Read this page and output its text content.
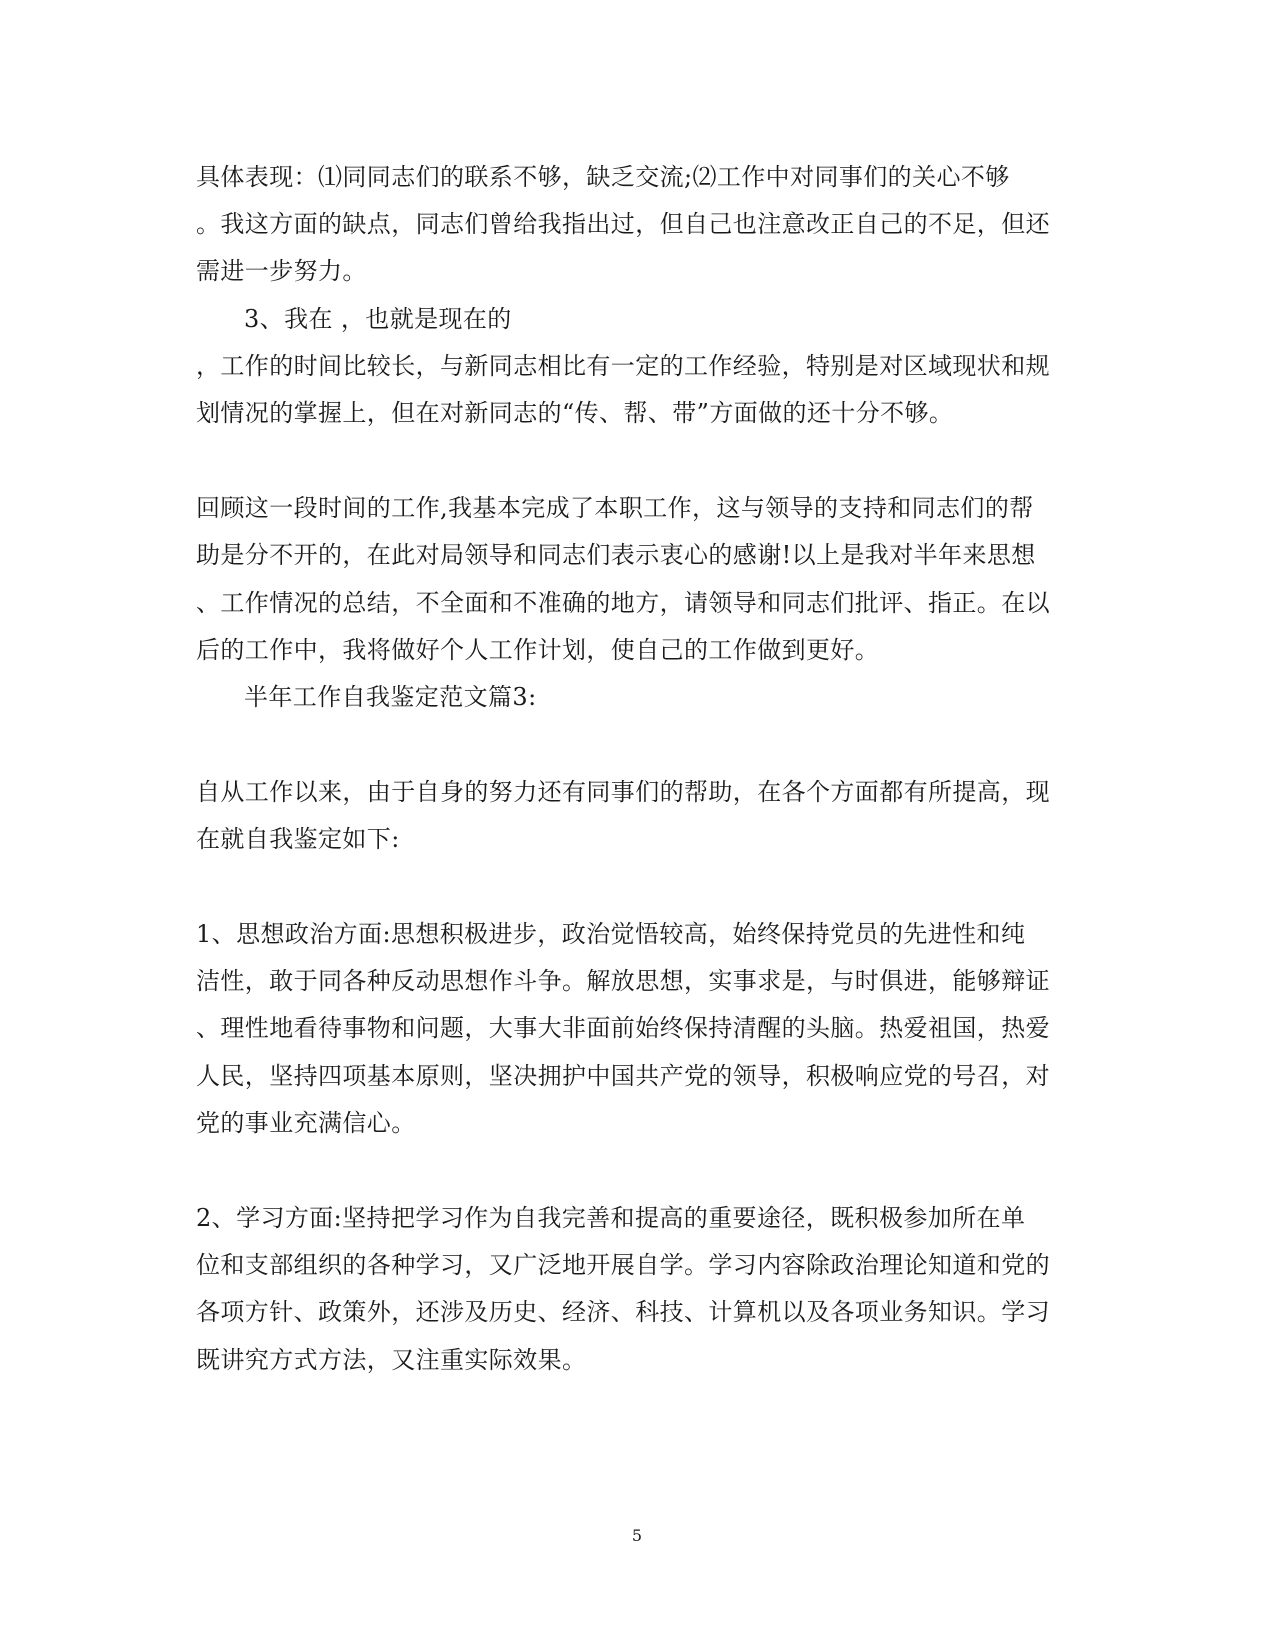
具体表现：⑴同同志们的联系不够，缺乏交流;⑵工作中对同事们的关心不够
。我这方面的缺点，同志们曾给我指出过，但自己也注意改正自己的不足，但还
需进一步努力。
3、我在 ，也就是现在的
，工作的时间比较长，与新同志相比有一定的工作经验，特别是对区域现状和规
划情况的掌握上，但在对新同志的“传、帮、带”方面做的还十分不够。
回顾这一段时间的工作,我基本完成了本职工作，这与领导的支持和同志们的帮
助是分不开的，在此对局领导和同志们表示衷心的感谢!以上是我对半年来思想
、工作情况的总结，不全面和不准确的地方，请领导和同志们批评、指正。在以
后的工作中，我将做好个人工作计划，使自己的工作做到更好。
半年工作自我鉴定范文篇3:
自从工作以来，由于自身的努力还有同事们的帮助，在各个方面都有所提高，现
在就自我鉴定如下:
1、思想政治方面:思想积极进步，政治觉悟较高，始终保持党员的先进性和纯
洁性，敢于同各种反动思想作斗争。解放思想，实事求是，与时俱进，能够辩证
、理性地看待事物和问题，大事大非面前始终保持清醒的头脑。热爱祖国，热爱
人民，坚持四项基本原则，坚决拥护中国共产党的领导，积极响应党的号召，对
党的事业充满信心。
2、学习方面:坚持把学习作为自我完善和提高的重要途径，既积极参加所在单
位和支部组织的各种学习，又广泛地开展自学。学习内容除政治理论知道和党的
各项方针、政策外，还涉及历史、经济、科技、计算机以及各项业务知识。学习
既讲究方式方法，又注重实际效果。
5
